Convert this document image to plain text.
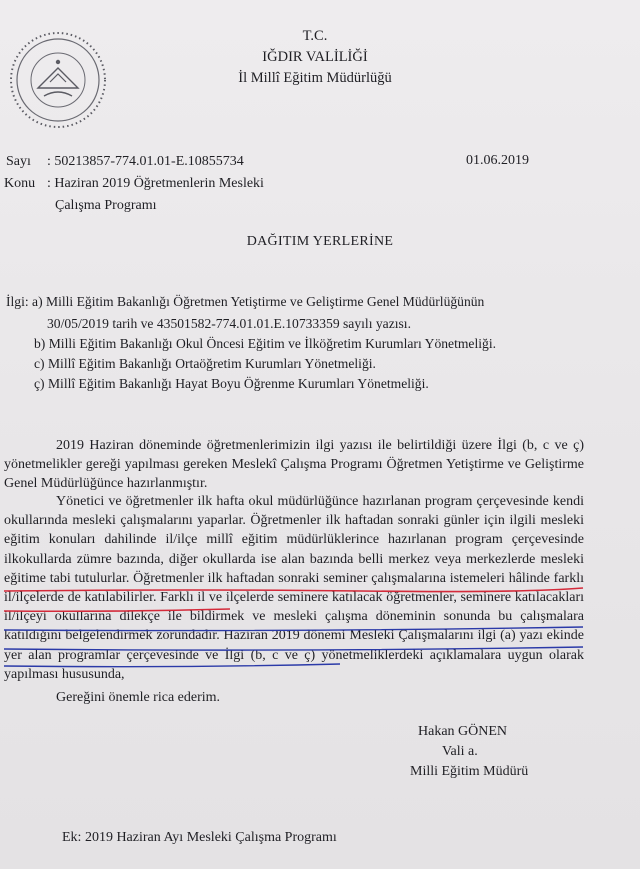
T.C.
IĞDIR VALİLİĞİ
İl Millî Eğitim Müdürlüğü
Sayı : 50213857-774.01.01-E.10855734	01.06.2019
Konu : Haziran 2019 Öğretmenlerin Mesleki
Çalışma Programı
DAĞITIM YERLERİNE
İlgi: a) Milli Eğitim Bakanlığı Öğretmen Yetiştirme ve Geliştirme Genel Müdürlüğünün
30/05/2019 tarih ve 43501582-774.01.01.E.10733359 sayılı yazısı.
b) Milli Eğitim Bakanlığı Okul Öncesi Eğitim ve İlköğretim Kurumları Yönetmeliği.
c) Millî Eğitim Bakanlığı Ortaöğretim Kurumları Yönetmeliği.
ç) Millî Eğitim Bakanlığı Hayat Boyu Öğrenme Kurumları Yönetmeliği.
2019 Haziran döneminde öğretmenlerimizin ilgi yazısı ile belirtildiği üzere İlgi (b, c ve ç) yönetmelikler gereği yapılması gereken Meslekî Çalışma Programı Öğretmen Yetiştirme ve Geliştirme Genel Müdürlüğünce hazırlanmıştır.
Yönetici ve öğretmenler ilk hafta okul müdürlüğünce hazırlanan program çerçevesinde kendi okullarında mesleki çalışmalarını yaparlar. Öğretmenler ilk haftadan sonraki günler için ilgili mesleki eğitim konuları dahilinde il/ilçe millî eğitim müdürlüklerince hazırlanan program çerçevesinde ilkokullarda zümre bazında, diğer okullarda ise alan bazında belli merkez veya merkezlerde mesleki eğitime tabi tutulurlar. Öğretmenler ilk haftadan sonraki seminer çalışmalarına istemeleri hâlinde farklı il/ilçelerde de katılabilirler. Farklı il ve ilçelerde seminere katılacak öğretmenler, seminere katılacakları il/ilçeyi okullarına dilekçe ile bildirmek ve mesleki çalışma döneminin sonunda bu çalışmalara katıldığını belgelendirmek zorundadır. Haziran 2019 dönemi Mesleki Çalışmalarını ilgi (a) yazı ekinde yer alan programlar çerçevesinde ve İlgi (b, c ve ç) yönetmeliklerdeki açıklamalara uygun olarak yapılması hususunda,
Gereğini önemle rica ederim.
Hakan GÖNEN
Vali a.
Milli Eğitim Müdürü
Ek: 2019 Haziran Ayı Mesleki Çalışma Programı
